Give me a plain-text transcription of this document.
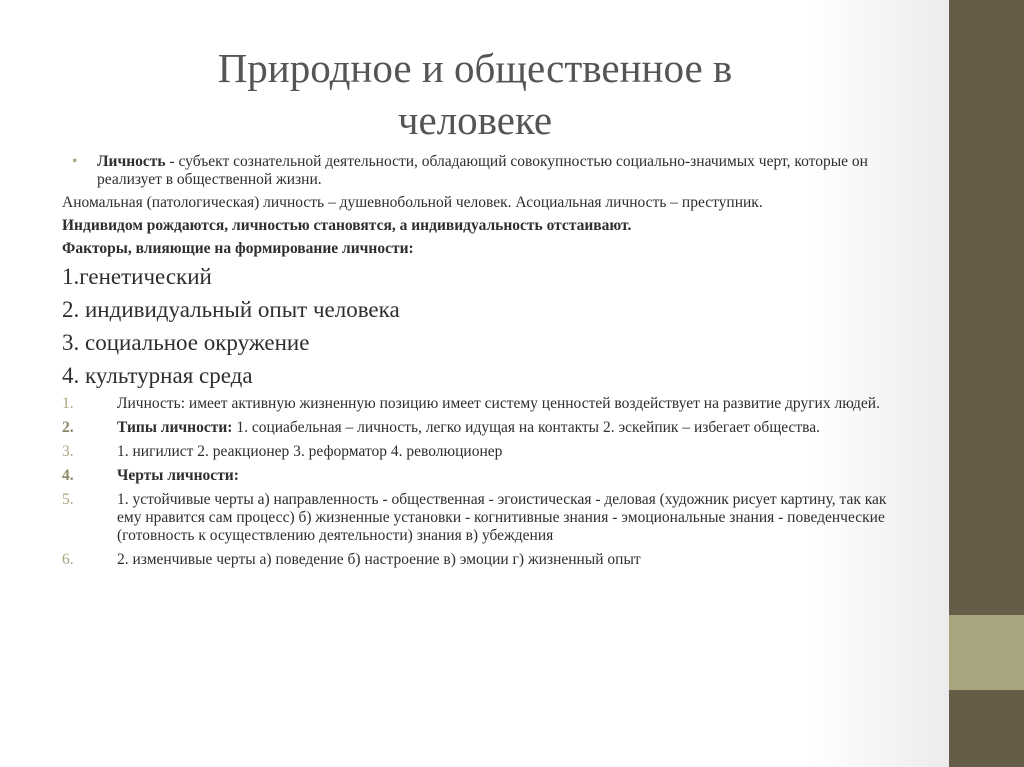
Природное и общественное в
человеке

• Личность - субъект сознательной деятельности, обладающий совокупностью социально-значимых черт, которые он реализует в общественной жизни.

Аномальная (патологическая) личность – душевнобольной человек. Асоциальная личность – преступник.

Индивидом рождаются, личностью становятся, а индивидуальность отстаивают.

Факторы, влияющие на формирование личности:

1.генетический
2. индивидуальный опыт человека
3. социальное окружение
4. культурная среда

1.	Личность: имеет активную жизненную позицию имеет систему ценностей воздействует на развитие других людей.

2.	Типы личности: 1. социабельная – личность, легко идущая на контакты 2. эскейпик – избегает общества.

3.	1. нигилист 2. реакционер 3. реформатор 4. революционер

4.	Черты личности:

5.	1. устойчивые черты а) направленность - общественная - эгоистическая - деловая (художник рисует картину, так как ему нравится сам процесс) б) жизненные установки - когнитивные знания - эмоциональные знания - поведенческие (готовность к осуществлению деятельности) знания в) убеждения

6.	2. изменчивые черты а) поведение б) настроение в) эмоции г) жизненный опыт
